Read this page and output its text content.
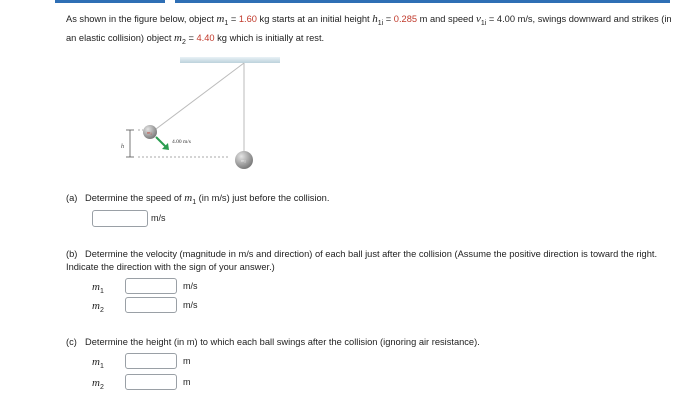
As shown in the figure below, object $m_1 = 1.60$ kg starts at an initial height $h_{1i} = 0.285$ m and speed $v_{1i} = 4.00$ m/s, swings downward and strikes (in an elastic collision) object $m_2 = 4.40$ kg which is initially at rest.
h
m₁
4.00 m/s
m₂
(a) Determine the speed of $m_1$ (in m/s) just before the collision.
m/s
(b) Determine the velocity (magnitude in m/s and direction) of each ball just after the collision (Assume the positive direction is toward the right. Indicate the direction with the sign of your answer.)
$m_1$
m/s
$m_2$
m/s
(c) Determine the height (in m) to which each ball swings after the collision (ignoring air resistance).
$m_1$
m
$m_2$
m
